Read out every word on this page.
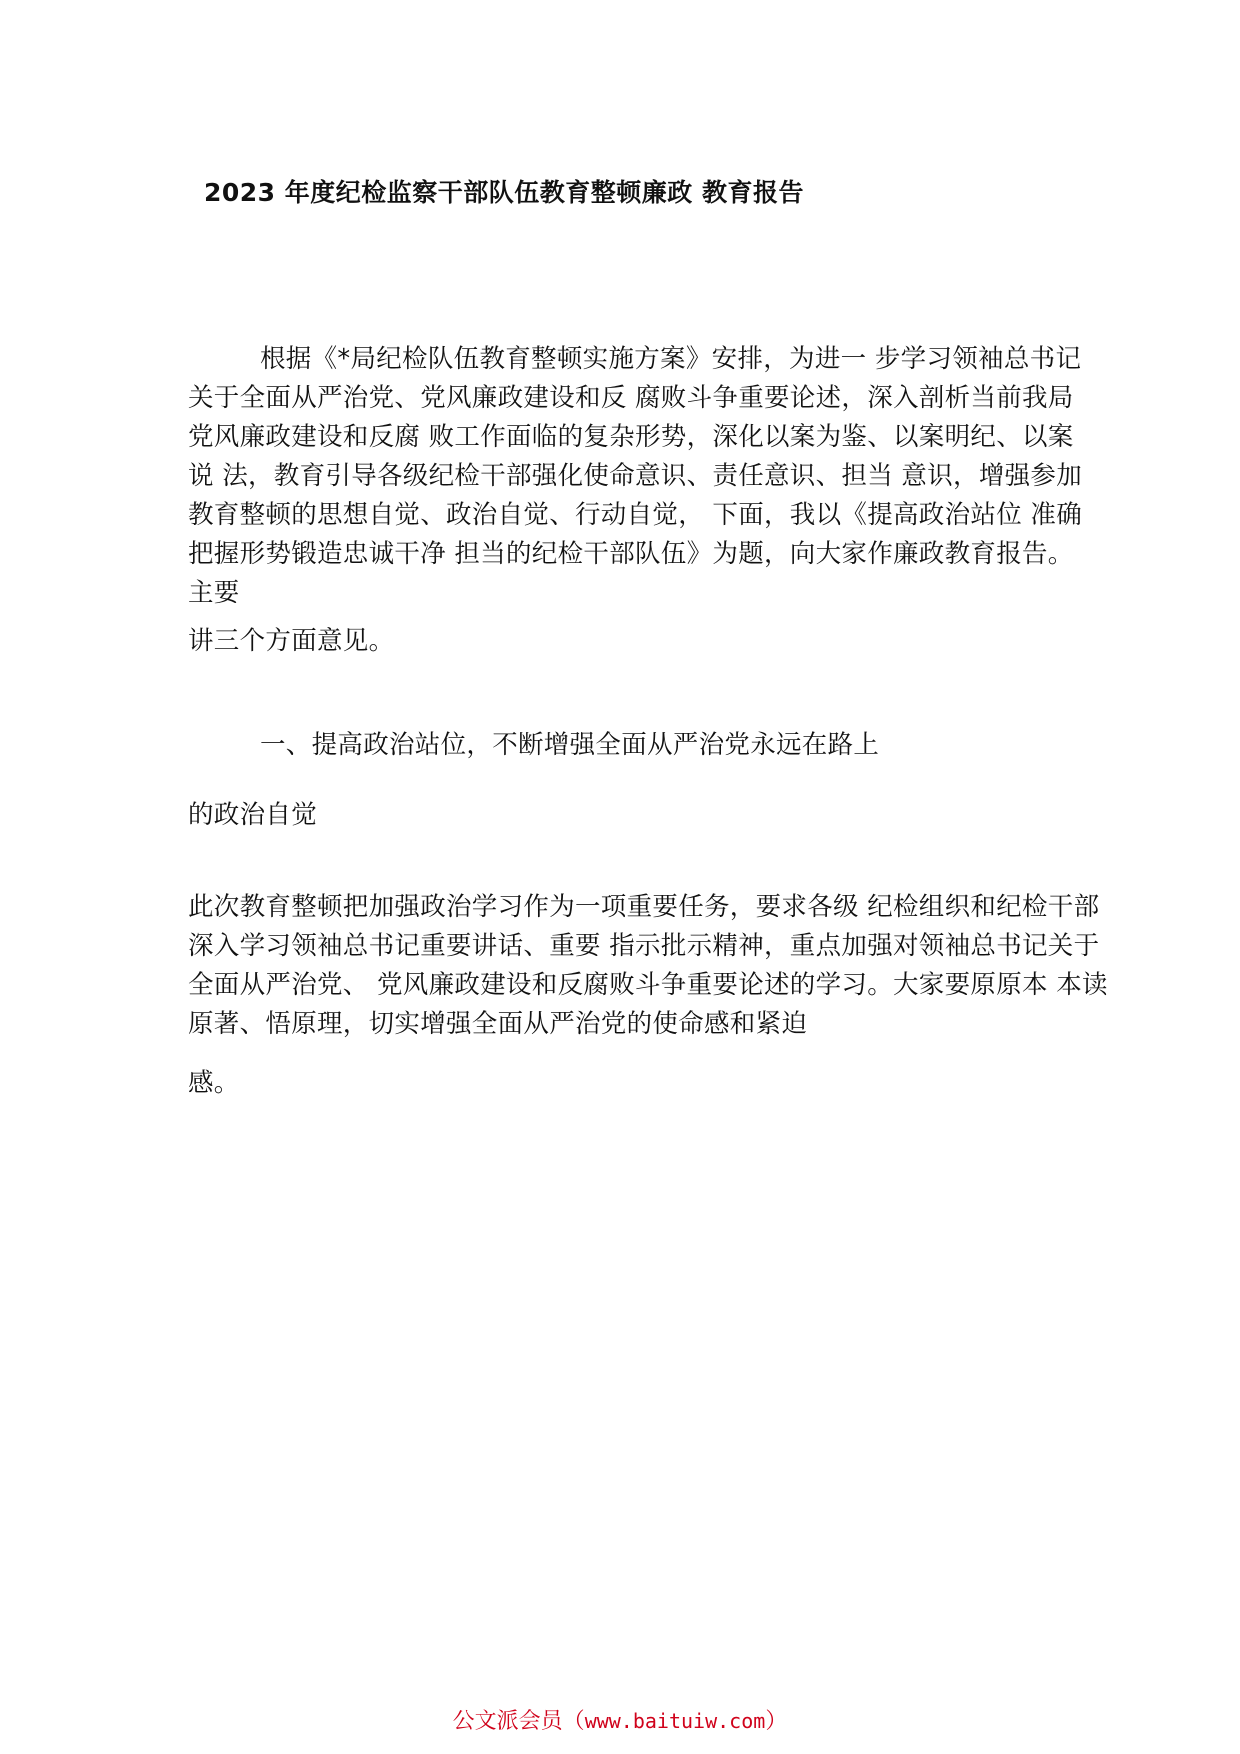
2023 年度纪检监察干部队伍教育整顿廉政 教育报告
根据《*局纪检队伍教育整顿实施方案》安排，为进一 步学习领袖总书记
关于全面从严治党、党风廉政建设和反 腐败斗争重要论述，深入剖析当前我局
党风廉政建设和反腐 败工作面临的复杂形势，深化以案为鉴、以案明纪、以案
说 法，教育引导各级纪检干部强化使命意识、责任意识、担当 意识，增强参加
教育整顿的思想自觉、政治自觉、行动自觉， 下面，我以《提高政治站位 准确
把握形势锻造忠诚干净 担当的纪检干部队伍》为题，向大家作廉政教育报告。
主要
讲三个方面意见。
一、提高政治站位，不断增强全面从严治党永远在路上
的政治自觉
此次教育整顿把加强政治学习作为一项重要任务，要求各级 纪检组织和纪检干部
深入学习领袖总书记重要讲话、重要 指示批示精神，重点加强对领袖总书记关于
全面从严治党、 党风廉政建设和反腐败斗争重要论述的学习。大家要原原本 本读
原著、悟原理，切实增强全面从严治党的使命感和紧迫
感。
公文派会员（www.baituiw.com）
